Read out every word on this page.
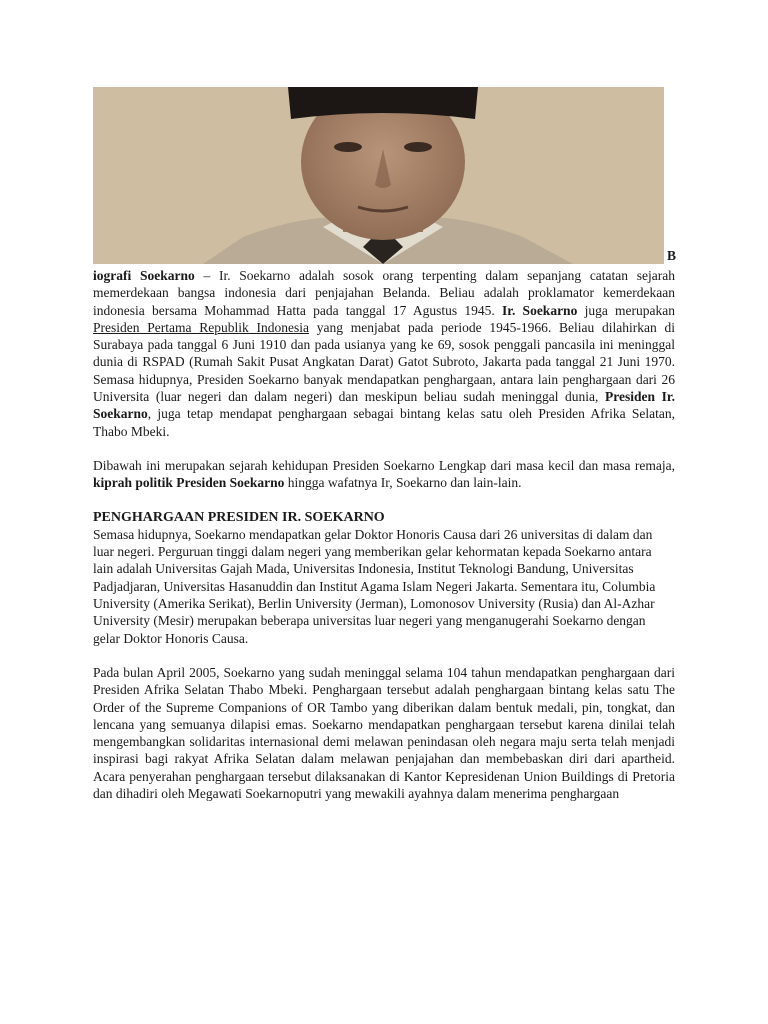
B

iografi Soekarno – Ir. Soekarno adalah sosok orang terpenting dalam sepanjang catatan sejarah memerdekaan bangsa indonesia dari penjajahan Belanda. Beliau adalah proklamator kemerdekaan indonesia bersama Mohammad Hatta pada tanggal 17 Agustus 1945. Ir. Soekarno juga merupakan Presiden Pertama Republik Indonesia yang menjabat pada periode 1945-1966. Beliau dilahirkan di Surabaya pada tanggal 6 Juni 1910 dan pada usianya yang ke 69, sosok penggali pancasila ini meninggal dunia di RSPAD (Rumah Sakit Pusat Angkatan Darat) Gatot Subroto, Jakarta pada tanggal 21 Juni 1970. Semasa hidupnya, Presiden Soekarno banyak mendapatkan penghargaan, antara lain penghargaan dari 26 Universita (luar negeri dan dalam negeri) dan meskipun beliau sudah meninggal dunia, Presiden Ir. Soekarno, juga tetap mendapat penghargaan sebagai bintang kelas satu oleh Presiden Afrika Selatan, Thabo Mbeki.

Dibawah ini merupakan sejarah kehidupan Presiden Soekarno Lengkap dari masa kecil dan masa remaja, kiprah politik Presiden Soekarno hingga wafatnya Ir, Soekarno dan lain-lain.

PENGHARGAAN PRESIDEN IR. SOEKARNO

Semasa hidupnya, Soekarno mendapatkan gelar Doktor Honoris Causa dari 26 universitas di dalam dan luar negeri. Perguruan tinggi dalam negeri yang memberikan gelar kehormatan kepada Soekarno antara lain adalah Universitas Gajah Mada, Universitas Indonesia, Institut Teknologi Bandung, Universitas Padjadjaran, Universitas Hasanuddin dan Institut Agama Islam Negeri Jakarta. Sementara itu, Columbia University (Amerika Serikat), Berlin University (Jerman), Lomonosov University (Rusia) dan Al-Azhar University (Mesir) merupakan beberapa universitas luar negeri yang menganugerahi Soekarno dengan gelar Doktor Honoris Causa.

Pada bulan April 2005, Soekarno yang sudah meninggal selama 104 tahun mendapatkan penghargaan dari Presiden Afrika Selatan Thabo Mbeki. Penghargaan tersebut adalah penghargaan bintang kelas satu The Order of the Supreme Companions of OR Tambo yang diberikan dalam bentuk medali, pin, tongkat, dan lencana yang semuanya dilapisi emas. Soekarno mendapatkan penghargaan tersebut karena dinilai telah mengembangkan solidaritas internasional demi melawan penindasan oleh negara maju serta telah menjadi inspirasi bagi rakyat Afrika Selatan dalam melawan penjajahan dan membebaskan diri dari apartheid. Acara penyerahan penghargaan tersebut dilaksanakan di Kantor Kepresidenan Union Buildings di Pretoria dan dihadiri oleh Megawati Soekarnoputri yang mewakili ayahnya dalam menerima penghargaan
